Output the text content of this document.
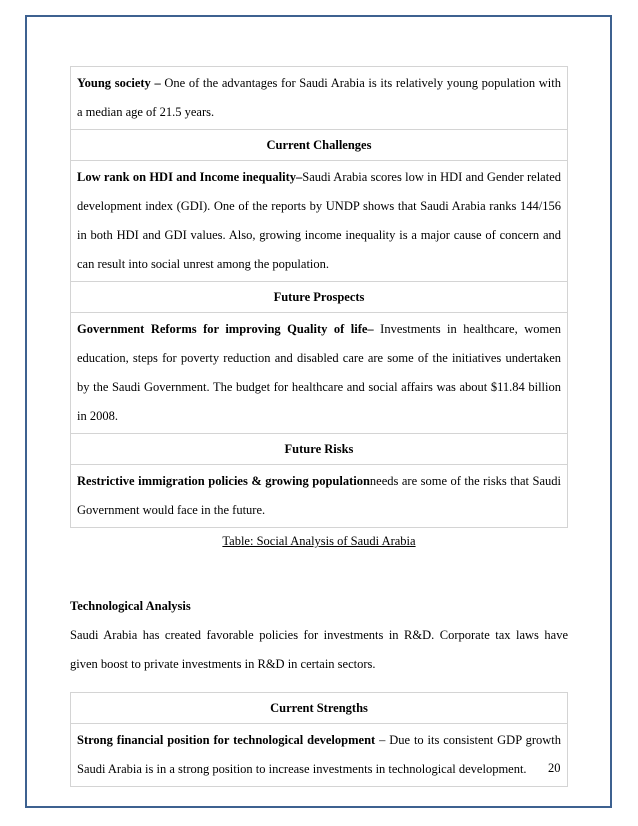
Young society – One of the advantages for Saudi Arabia is its relatively young population with a median age of 21.5 years.
Current Challenges
Low rank on HDI and Income inequality–Saudi Arabia scores low in HDI and Gender related development index (GDI). One of the reports by UNDP shows that Saudi Arabia ranks 144/156 in both HDI and GDI values. Also, growing income inequality is a major cause of concern and can result into social unrest among the population.
Future Prospects
Government Reforms for improving Quality of life– Investments in healthcare, women education, steps for poverty reduction and disabled care are some of the initiatives undertaken by the Saudi Government. The budget for healthcare and social affairs was about $11.84 billion in 2008.
Future Risks
Restrictive immigration policies & growing populationneeds are some of the risks that Saudi Government would face in the future.
Table: Social Analysis of Saudi Arabia
Technological Analysis

Saudi Arabia has created favorable policies for investments in R&D. Corporate tax laws have given boost to private investments in R&D in certain sectors.

Current Strengths
Strong financial position for technological development – Due to its consistent GDP growth Saudi Arabia is in a strong position to increase investments in technological development. 20
